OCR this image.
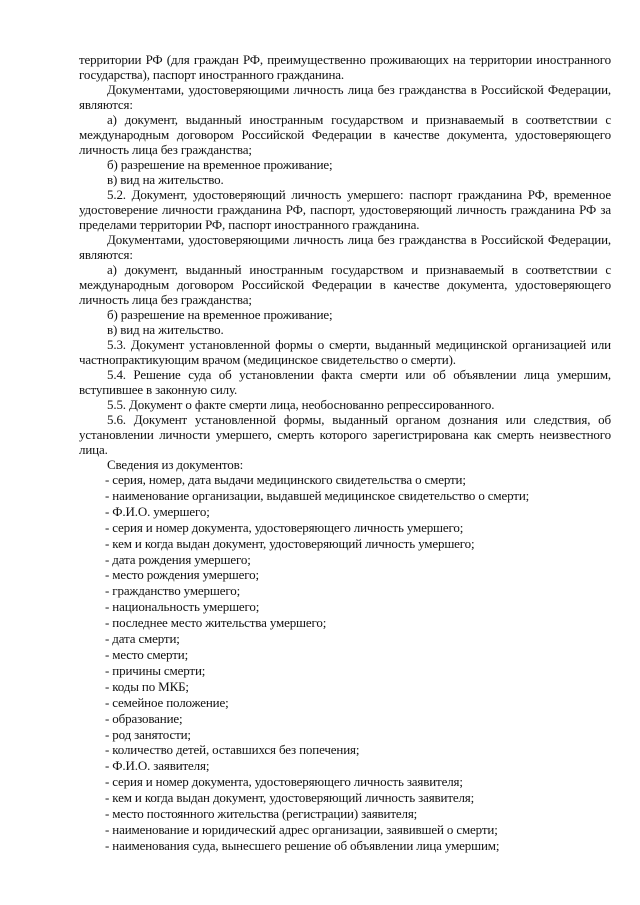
территории РФ (для граждан РФ, преимущественно проживающих на территории иностранного государства), паспорт иностранного гражданина.

Документами, удостоверяющими личность лица без гражданства в Российской Федерации, являются:

а) документ, выданный иностранным государством и признаваемый в соответствии с международным договором Российской Федерации в качестве документа, удостоверяющего личность лица без гражданства;

б) разрешение на временное проживание;

в) вид на жительство.

5.2. Документ, удостоверяющий личность умершего: паспорт гражданина РФ, временное удостоверение личности гражданина РФ, паспорт, удостоверяющий личность гражданина РФ за пределами территории РФ, паспорт иностранного гражданина.

Документами, удостоверяющими личность лица без гражданства в Российской Федерации, являются:

а) документ, выданный иностранным государством и признаваемый в соответствии с международным договором Российской Федерации в качестве документа, удостоверяющего личность лица без гражданства;

б) разрешение на временное проживание;

в) вид на жительство.

5.3. Документ установленной формы о смерти, выданный медицинской организацией или частнопрактикующим врачом (медицинское свидетельство о смерти).

5.4. Решение суда об установлении факта смерти или об объявлении лица умершим, вступившее в законную силу.

5.5. Документ о факте смерти лица, необоснованно репрессированного.

5.6. Документ установленной формы, выданный органом дознания или следствия, об установлении личности умершего, смерть которого зарегистрирована как смерть неизвестного лица.

Сведения из документов:

- серия, номер, дата выдачи медицинского свидетельства о смерти;
- наименование организации, выдавшей медицинское свидетельство о смерти;
- Ф.И.О. умершего;
- серия и номер документа, удостоверяющего личность умершего;
- кем и когда выдан документ, удостоверяющий личность умершего;
- дата рождения умершего;
- место рождения умершего;
- гражданство умершего;
- национальность умершего;
- последнее место жительства умершего;
- дата смерти;
- место смерти;
- причины смерти;
- коды по МКБ;
- семейное положение;
- образование;
- род занятости;
- количество детей, оставшихся без попечения;
- Ф.И.О. заявителя;
- серия и номер документа, удостоверяющего личность заявителя;
- кем и когда выдан документ, удостоверяющий личность заявителя;
- место постоянного жительства (регистрации) заявителя;
- наименование и юридический адрес организации, заявившей о смерти;
- наименования суда, вынесшего решение об объявлении лица умершим;
